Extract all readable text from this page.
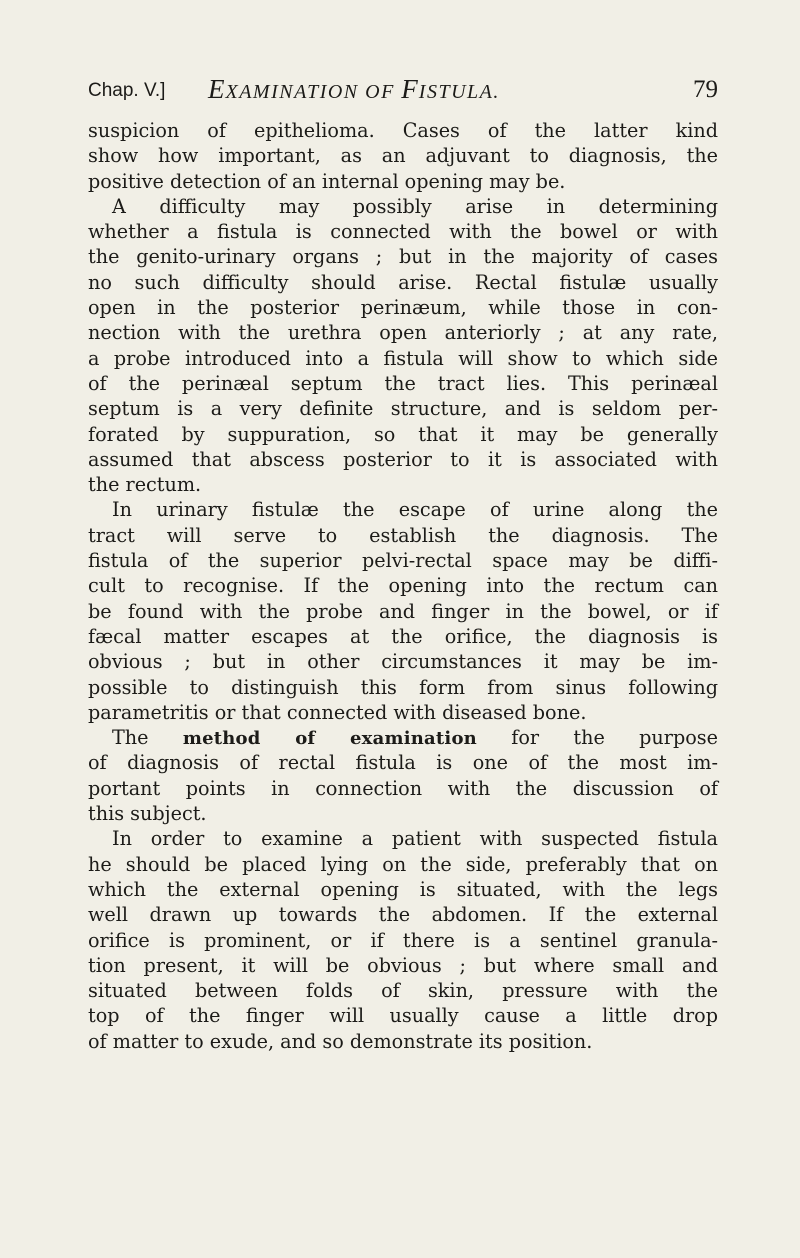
Chap. V.] EXAMINATION OF FISTULA.	79
suspicion of epithelioma. Cases of the latter kind
show how important, as an adjuvant to diagnosis, the
positive detection of an internal opening may be.
A difficulty may possibly arise in determining
whether a fistula is connected with the bowel or with
the genito-urinary organs ; but in the majority of cases
no such difficulty should arise. Rectal fistulæ usually
open in the posterior perinæum, while those in con-
nection with the urethra open anteriorly ; at any rate,
a probe introduced into a fistula will show to which side
of the perinæal septum the tract lies. This perinæal
septum is a very definite structure, and is seldom per-
forated by suppuration, so that it may be generally
assumed that abscess posterior to it is associated with
the rectum.
In urinary fistulæ the escape of urine along the
tract will serve to establish the diagnosis. The
fistula of the superior pelvi-rectal space may be diffi-
cult to recognise. If the opening into the rectum can
be found with the probe and finger in the bowel, or if
fæcal matter escapes at the orifice, the diagnosis is
obvious ; but in other circumstances it may be im-
possible to distinguish this form from sinus following
parametritis or that connected with diseased bone.
The method of examination for the purpose
of diagnosis of rectal fistula is one of the most im-
portant points in connection with the discussion of
this subject.
In order to examine a patient with suspected fistula
he should be placed lying on the side, preferably that on
which the external opening is situated, with the legs
well drawn up towards the abdomen. If the external
orifice is prominent, or if there is a sentinel granula-
tion present, it will be obvious ; but where small and
situated between folds of skin, pressure with the
top of the finger will usually cause a little drop
of matter to exude, and so demonstrate its position.
